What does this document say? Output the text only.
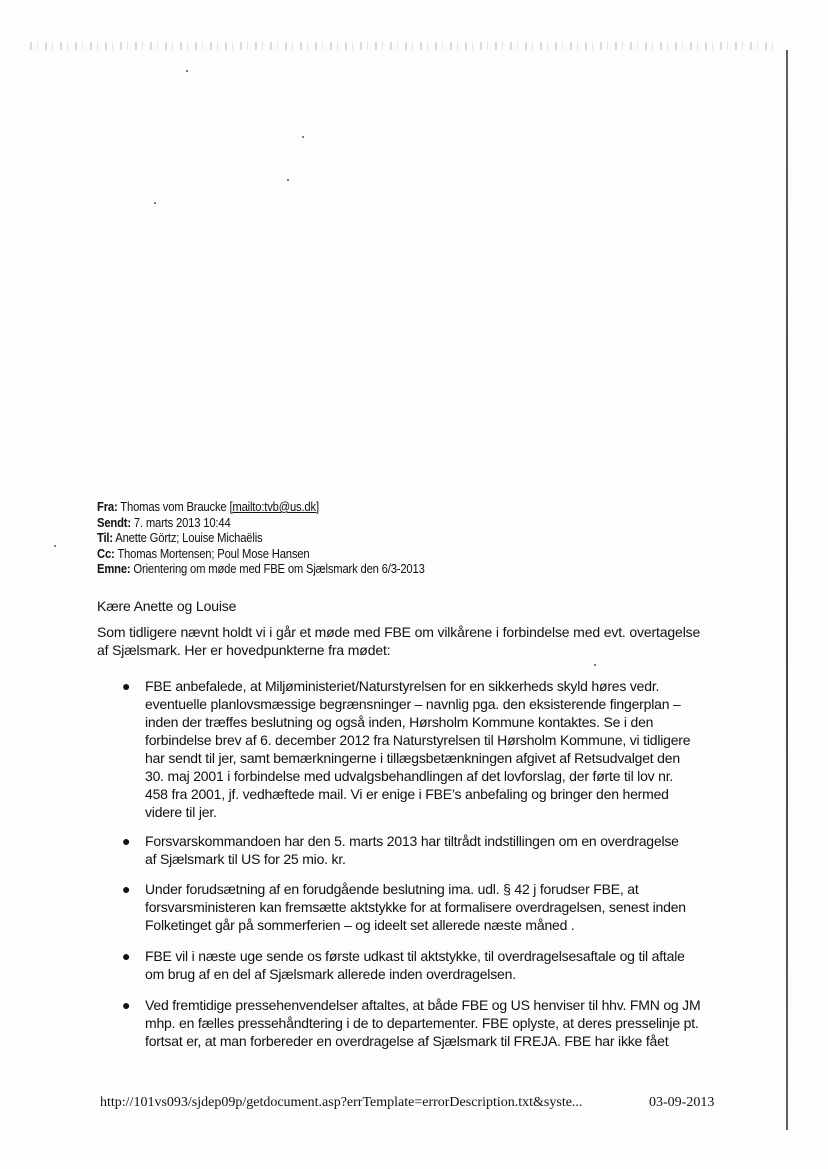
Fra: Thomas vom Braucke [mailto:tvb@us.dk]
Sendt: 7. marts 2013 10:44
Til: Anette Görtz; Louise Michaëlis
Cc: Thomas Mortensen; Poul Mose Hansen
Emne: Orientering om møde med FBE om Sjælsmark den 6/3-2013
Kære Anette og Louise
Som tidligere nævnt holdt vi i går et møde med FBE om vilkårene i forbindelse med evt. overtagelse
af Sjælsmark. Her er hovedpunkterne fra mødet:
● FBE anbefalede, at Miljøministeriet/Naturstyrelsen for en sikkerheds skyld høres vedr.
eventuelle planlovsmæssige begrænsninger – navnlig pga. den eksisterende fingerplan –
inden der træffes beslutning og også inden, Hørsholm Kommune kontaktes. Se i den
forbindelse brev af 6. december 2012 fra Naturstyrelsen til Hørsholm Kommune, vi tidligere
har sendt til jer, samt bemærkningerne i tillægsbetænkningen afgivet af Retsudvalget den
30. maj 2001 i forbindelse med udvalgsbehandlingen af det lovforslag, der førte til lov nr.
458 fra 2001, jf. vedhæftede mail. Vi er enige i FBE’s anbefaling og bringer den hermed
videre til jer.
● Forsvarskommandoen har den 5. marts 2013 har tiltrådt indstillingen om en overdragelse
af Sjælsmark til US for 25 mio. kr.
● Under forudsætning af en forudgående beslutning ima. udl. § 42 j forudser FBE, at
forsvarsministeren kan fremsætte aktstykke for at formalisere overdragelsen, senest inden
Folketinget går på sommerferien – og ideelt set allerede næste måned .
● FBE vil i næste uge sende os første udkast til aktstykke, til overdragelsesaftale og til aftale
om brug af en del af Sjælsmark allerede inden overdragelsen.
● Ved fremtidige pressehenvendelser aftaltes, at både FBE og US henviser til hhv. FMN og JM
mhp. en fælles pressehåndtering i de to departementer. FBE oplyste, at deres presselinje pt.
fortsat er, at man forbereder en overdragelse af Sjælsmark til FREJA. FBE har ikke fået
http://101vs093/sjdep09p/getdocument.asp?errTemplate=errorDescription.txt&syste...	03-09-2013
